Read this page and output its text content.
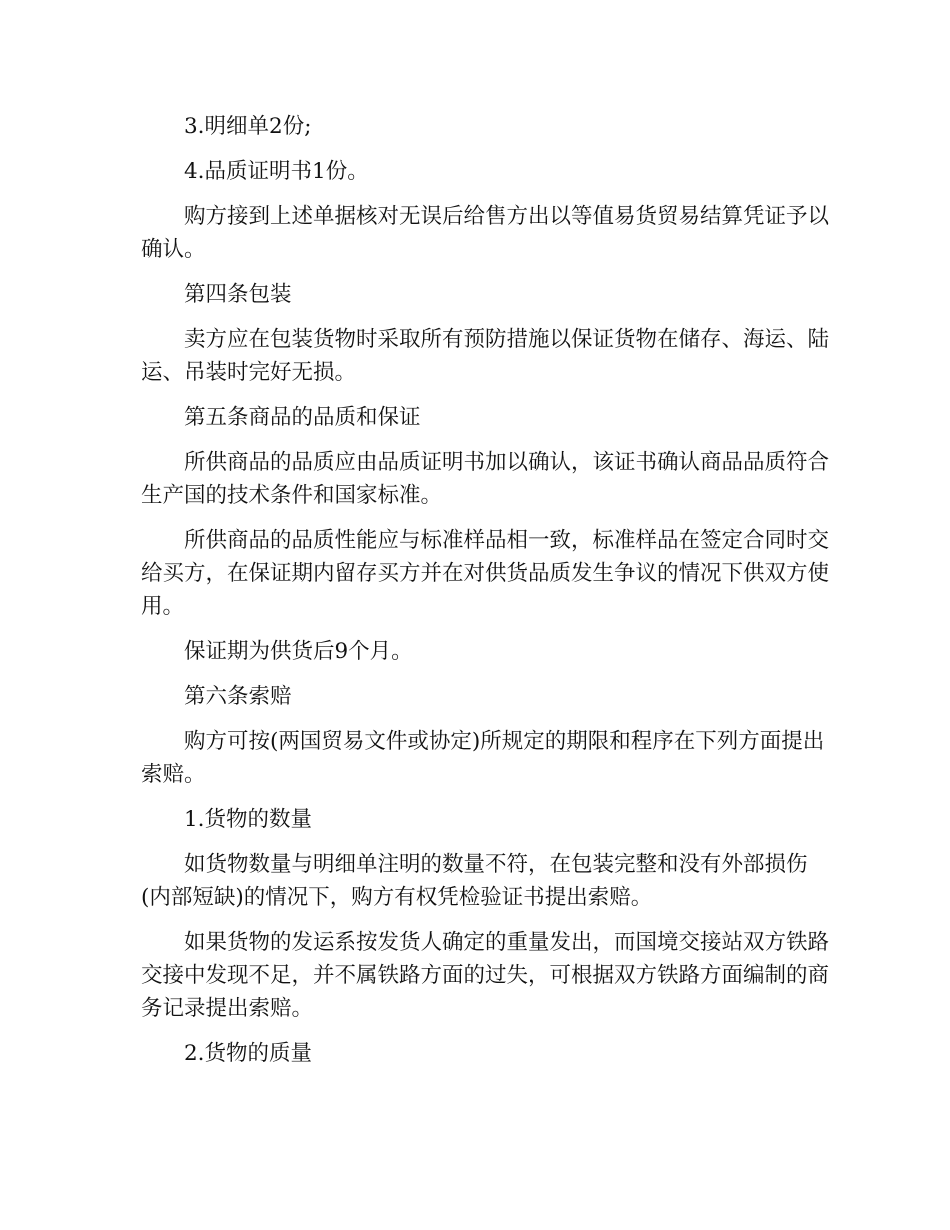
3.明细单2份;

4.品质证明书1份。

购方接到上述单据核对无误后给售方出以等值易货贸易结算凭证予以确认。

第四条包装

卖方应在包装货物时采取所有预防措施以保证货物在储存、海运、陆运、吊装时完好无损。

第五条商品的品质和保证

所供商品的品质应由品质证明书加以确认，该证书确认商品品质符合生产国的技术条件和国家标准。

所供商品的品质性能应与标准样品相一致，标准样品在签定合同时交给买方，在保证期内留存买方并在对供货品质发生争议的情况下供双方使用。

保证期为供货后9个月。

第六条索赔

购方可按(两国贸易文件或协定)所规定的期限和程序在下列方面提出索赔。

1.货物的数量

如货物数量与明细单注明的数量不符，在包装完整和没有外部损伤(内部短缺)的情况下，购方有权凭检验证书提出索赔。

如果货物的发运系按发货人确定的重量发出，而国境交接站双方铁路交接中发现不足，并不属铁路方面的过失，可根据双方铁路方面编制的商务记录提出索赔。

2.货物的质量
